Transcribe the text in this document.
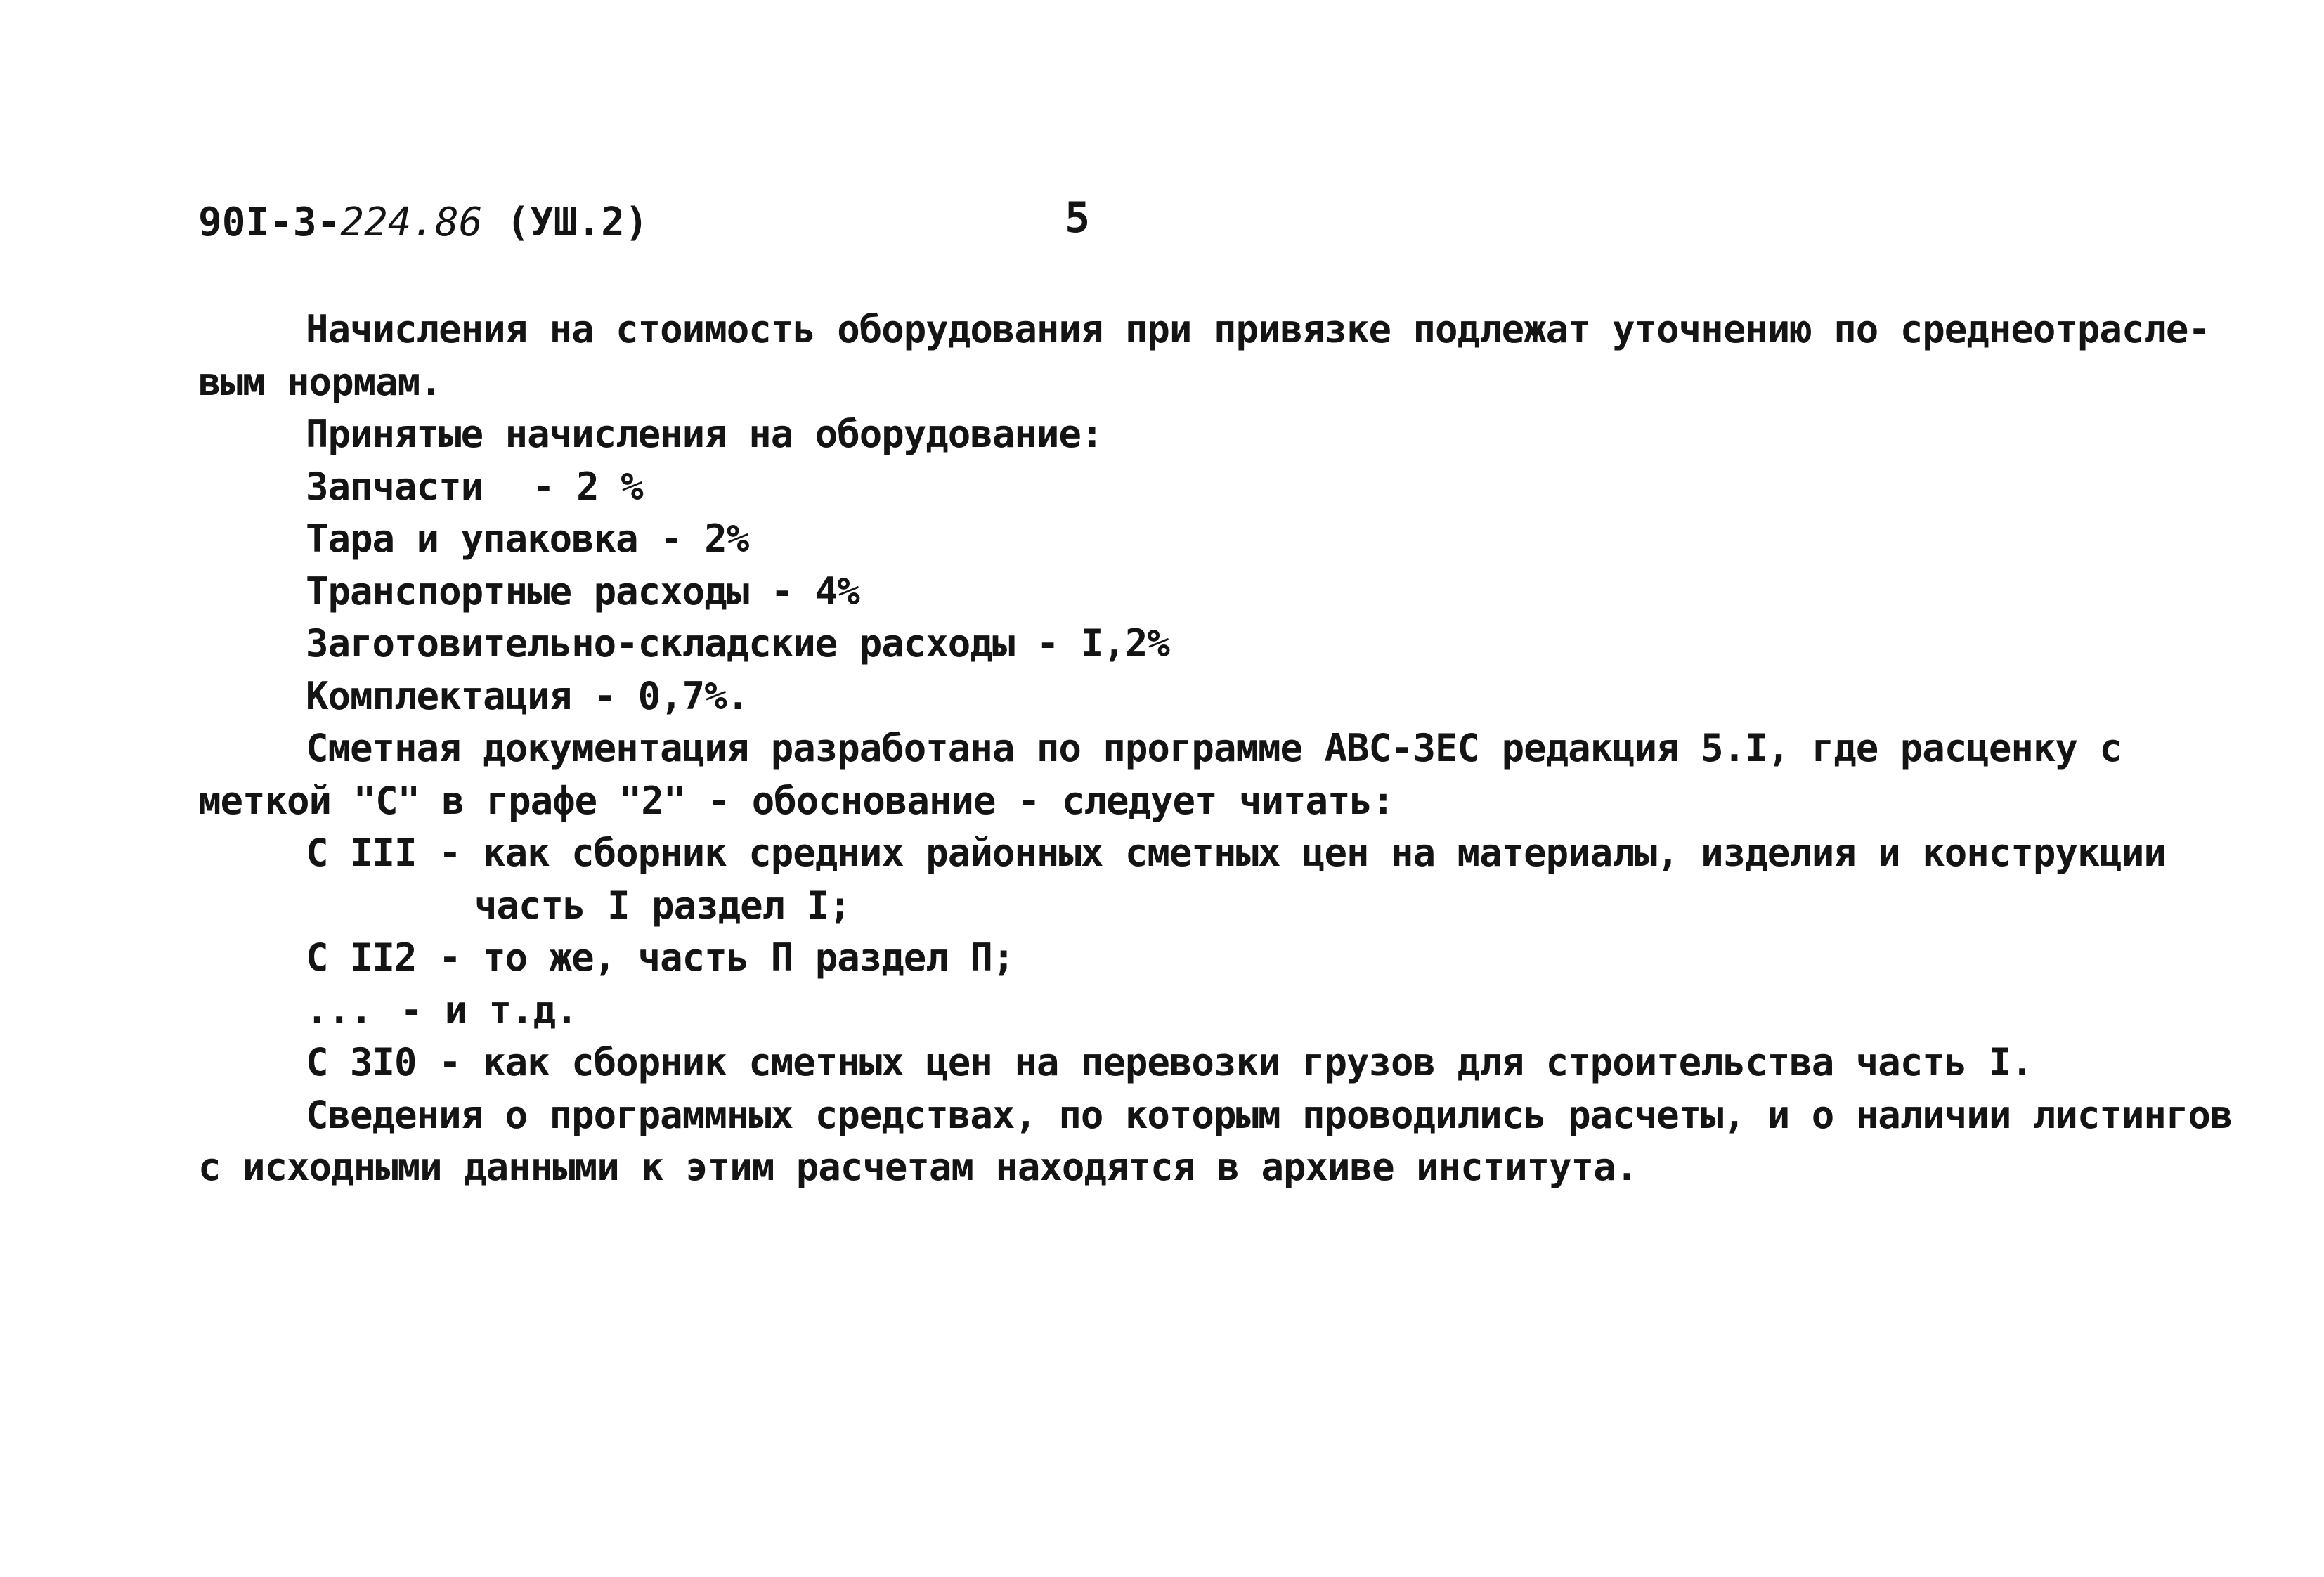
90I-3-224.86 (УШ.2)	5
Начисления на стоимость оборудования при привязке подлежат уточнению по среднеотрасле-
вым нормам.
Принятые начисления на оборудование:
Запчасти - 2 %
Тара и упаковка - 2%
Транспортные расходы - 4%
Заготовительно-складские расходы - I,2%
Комплектация - 0,7%.
Сметная документация разработана по программе АВС-ЗЕС редакция 5.I, где расценку с
меткой "С" в графе "2" - обоснование - следует читать:
С III - как сборник средних районных сметных цен на материалы, изделия и конструкции
часть I раздел I;
С II2 - то же, часть П раздел П;
... - и т.д.
С 3I0 - как сборник сметных цен на перевозки грузов для строительства часть I.
Сведения о программных средствах, по которым проводились расчеты, и о наличии листингов
с исходными данными к этим расчетам находятся в архиве института.
